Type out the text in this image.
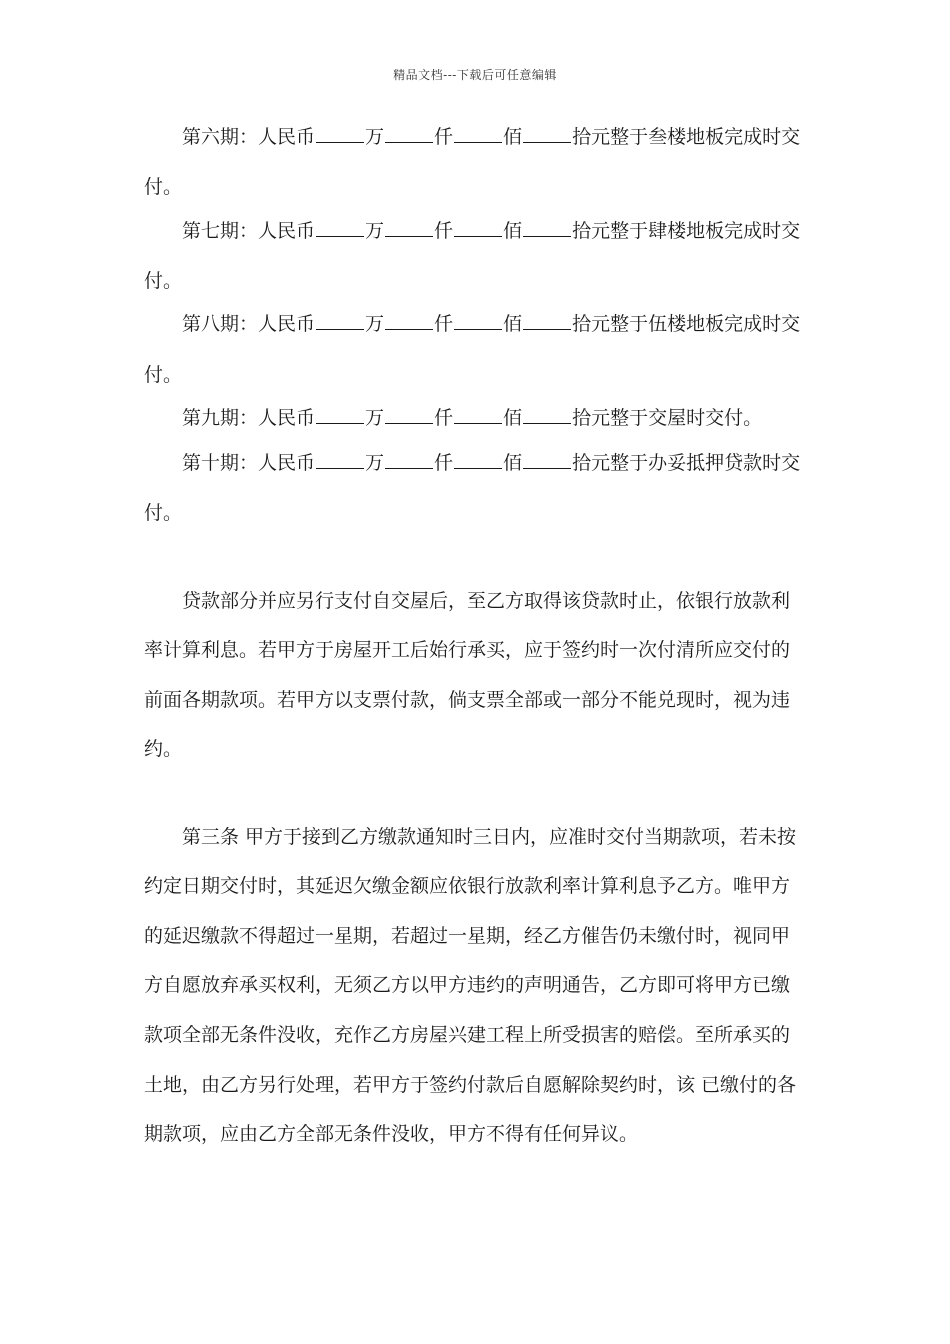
精品文档---下载后可任意编辑
第六期：人民币	万	仟	佰	拾元整于叁楼地板完成时交
付。
第七期：人民币	万	仟	佰	拾元整于肆楼地板完成时交
付。
第八期：人民币	万	仟	佰	拾元整于伍楼地板完成时交
付。
第九期：人民币	万	仟	佰	拾元整于交屋时交付。
第十期：人民币	万	仟	佰	拾元整于办妥抵押贷款时交
付。
贷款部分并应另行支付自交屋后，至乙方取得该贷款时止，依银行放款利
率计算利息。若甲方于房屋开工后始行承买，应于签约时一次付清所应交付的
前面各期款项。若甲方以支票付款，倘支票全部或一部分不能兑现时，视为违
约。
第三条 甲方于接到乙方缴款通知时三日内，应准时交付当期款项，若未按
约定日期交付时，其延迟欠缴金额应依银行放款利率计算利息予乙方。唯甲方
的延迟缴款不得超过一星期，若超过一星期，经乙方催告仍未缴付时，视同甲
方自愿放弃承买权利，无须乙方以甲方违约的声明通告，乙方即可将甲方已缴
款项全部无条件没收，充作乙方房屋兴建工程上所受损害的赔偿。至所承买的
土地，由乙方另行处理，若甲方于签约付款后自愿解除契约时，该 已缴付的各
期款项，应由乙方全部无条件没收，甲方不得有任何异议。
